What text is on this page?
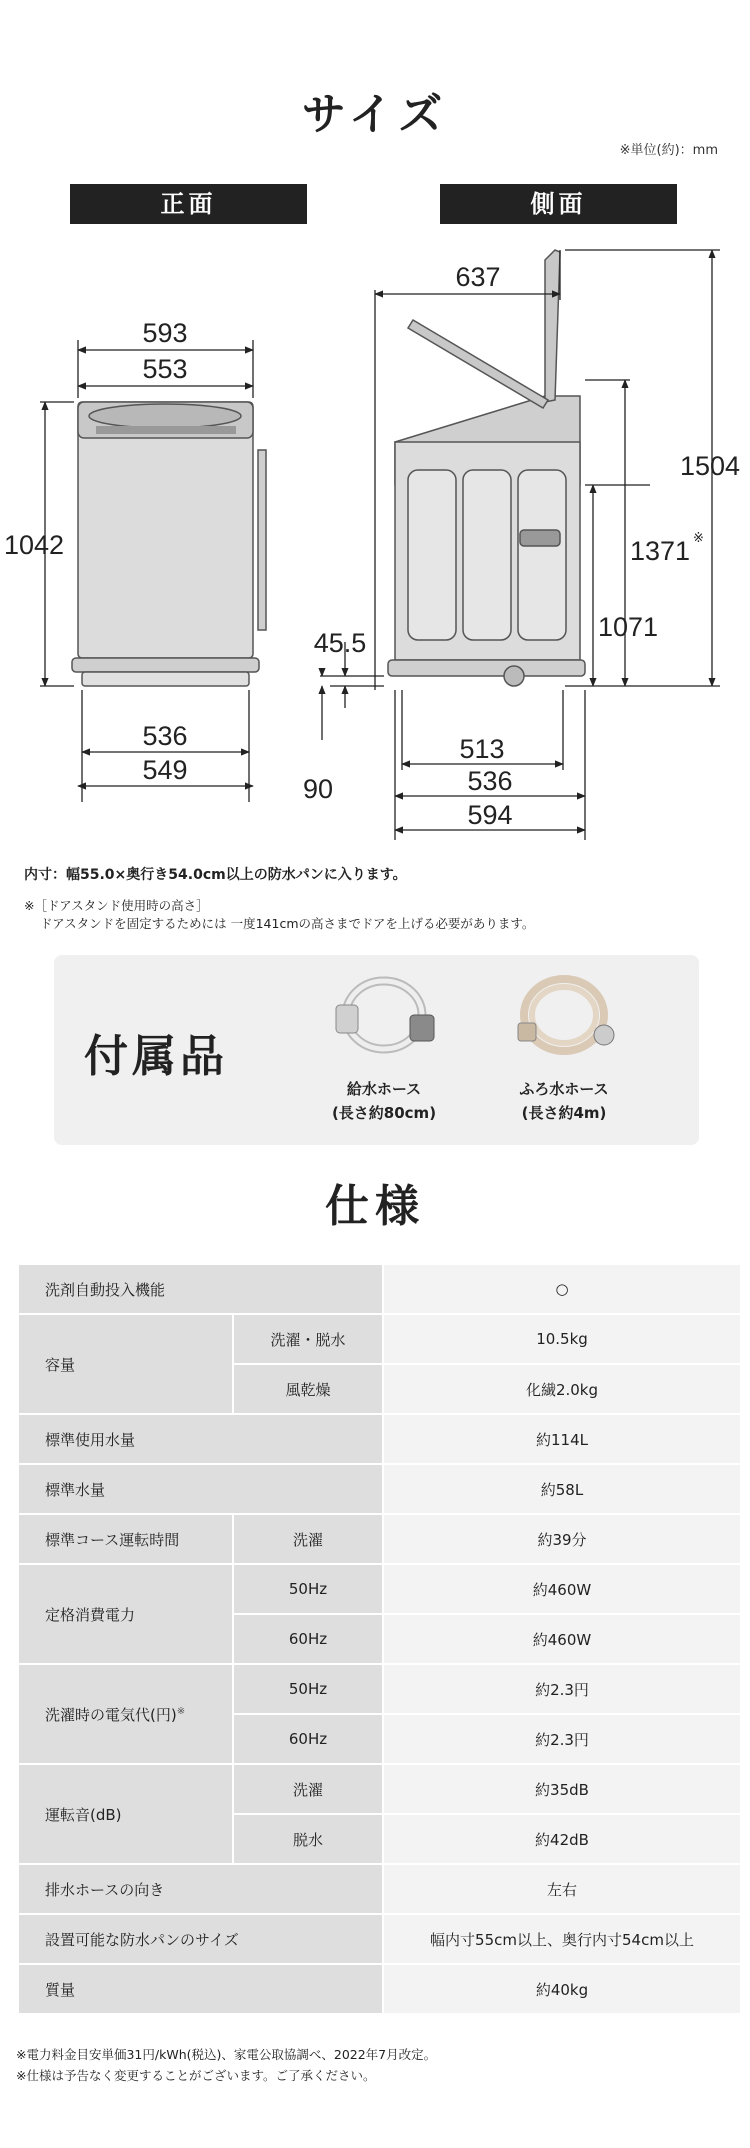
サイズ
※単位(約)：mm
正面	側面
593
553
1042
536
549
637
1504
1371 ※
1071
45.5
90
513
536
594
内寸：幅55.0×奥行き54.0cm以上の防水パンに入ります。
※［ドアスタンド使用時の高さ］
ドアスタンドを固定するためには 一度141cmの高さまでドアを上げる必要があります。
付属品
給水ホース
(長さ約80cm)
ふろ水ホース
(長さ約4m)
仕様
洗剤自動投入機能		○
容量	洗濯・脱水	10.5kg
	風乾燥	化繊2.0kg
標準使用水量		約114L
標準水量		約58L
標準コース運転時間	洗濯	約39分
定格消費電力	50Hz	約460W
	60Hz	約460W
洗濯時の電気代(円)※	50Hz	約2.3円
	60Hz	約2.3円
運転音(dB)	洗濯	約35dB
	脱水	約42dB
排水ホースの向き		左右
設置可能な防水パンのサイズ		幅内寸55cm以上、奥行内寸54cm以上
質量		約40kg
※電力料金目安単価31円/kWh(税込)、家電公取協調べ、2022年7月改定。
※仕様は予告なく変更することがございます。ご了承ください。
